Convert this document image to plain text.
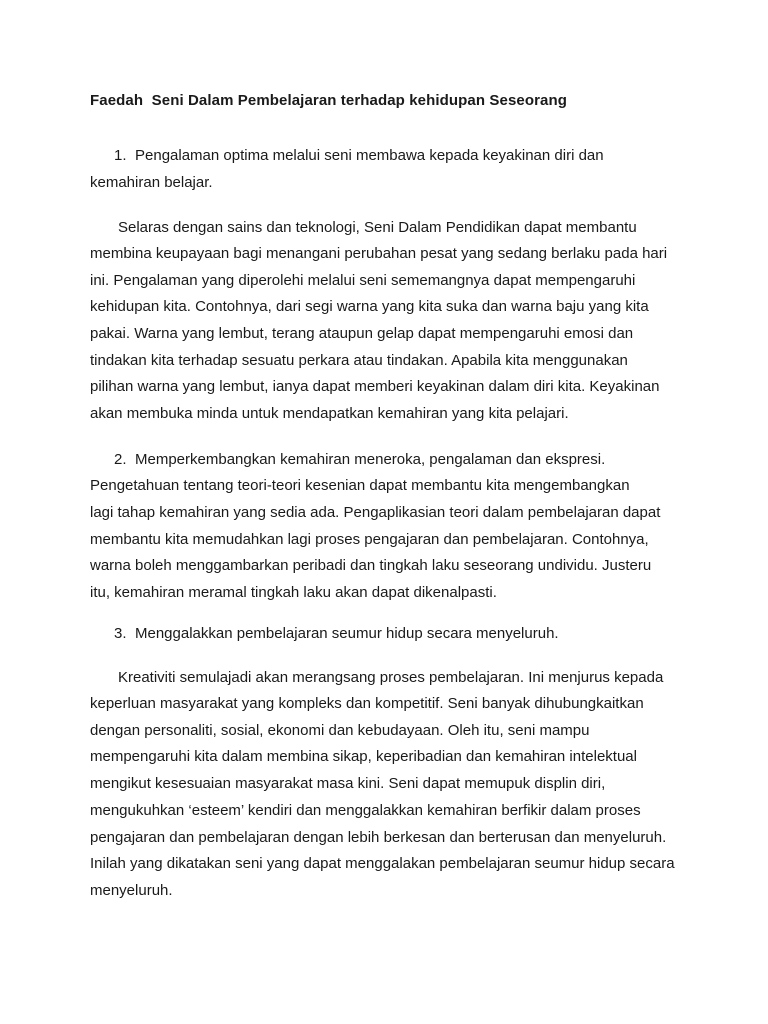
Faedah  Seni Dalam Pembelajaran terhadap kehidupan Seseorang
1. Pengalaman optima melalui seni membawa kepada keyakinan diri dan
kemahiran belajar.
Selaras dengan sains dan teknologi, Seni Dalam Pendidikan dapat membantu
membina keupayaan bagi menangani perubahan pesat yang sedang berlaku pada hari
ini. Pengalaman yang diperolehi melalui seni sememangnya dapat mempengaruhi
kehidupan kita. Contohnya, dari segi warna yang kita suka dan warna baju yang kita
pakai. Warna yang lembut, terang ataupun gelap dapat mempengaruhi emosi dan
tindakan kita terhadap sesuatu perkara atau tindakan. Apabila kita menggunakan
pilihan warna yang lembut, ianya dapat memberi keyakinan dalam diri kita. Keyakinan
akan membuka minda untuk mendapatkan kemahiran yang kita pelajari.
2. Memperkembangkan kemahiran meneroka, pengalaman dan ekspresi.
Pengetahuan tentang teori-teori kesenian dapat membantu kita mengembangkan
lagi tahap kemahiran yang sedia ada. Pengaplikasian teori dalam pembelajaran dapat
membantu kita memudahkan lagi proses pengajaran dan pembelajaran. Contohnya,
warna boleh menggambarkan peribadi dan tingkah laku seseorang undividu. Justeru
itu, kemahiran meramal tingkah laku akan dapat dikenalpasti.
3. Menggalakkan pembelajaran seumur hidup secara menyeluruh.
Kreativiti semulajadi akan merangsang proses pembelajaran. Ini menjurus kepada
keperluan masyarakat yang kompleks dan kompetitif. Seni banyak dihubungkaitkan
dengan personaliti, sosial, ekonomi dan kebudayaan. Oleh itu, seni mampu
mempengaruhi kita dalam membina sikap, keperibadian dan kemahiran intelektual
mengikut kesesuaian masyarakat masa kini. Seni dapat memupuk displin diri,
mengukuhkan ‘esteem’ kendiri dan menggalakkan kemahiran berfikir dalam proses
pengajaran dan pembelajaran dengan lebih berkesan dan berterusan dan menyeluruh.
Inilah yang dikatakan seni yang dapat menggalakan pembelajaran seumur hidup secara
menyeluruh.
